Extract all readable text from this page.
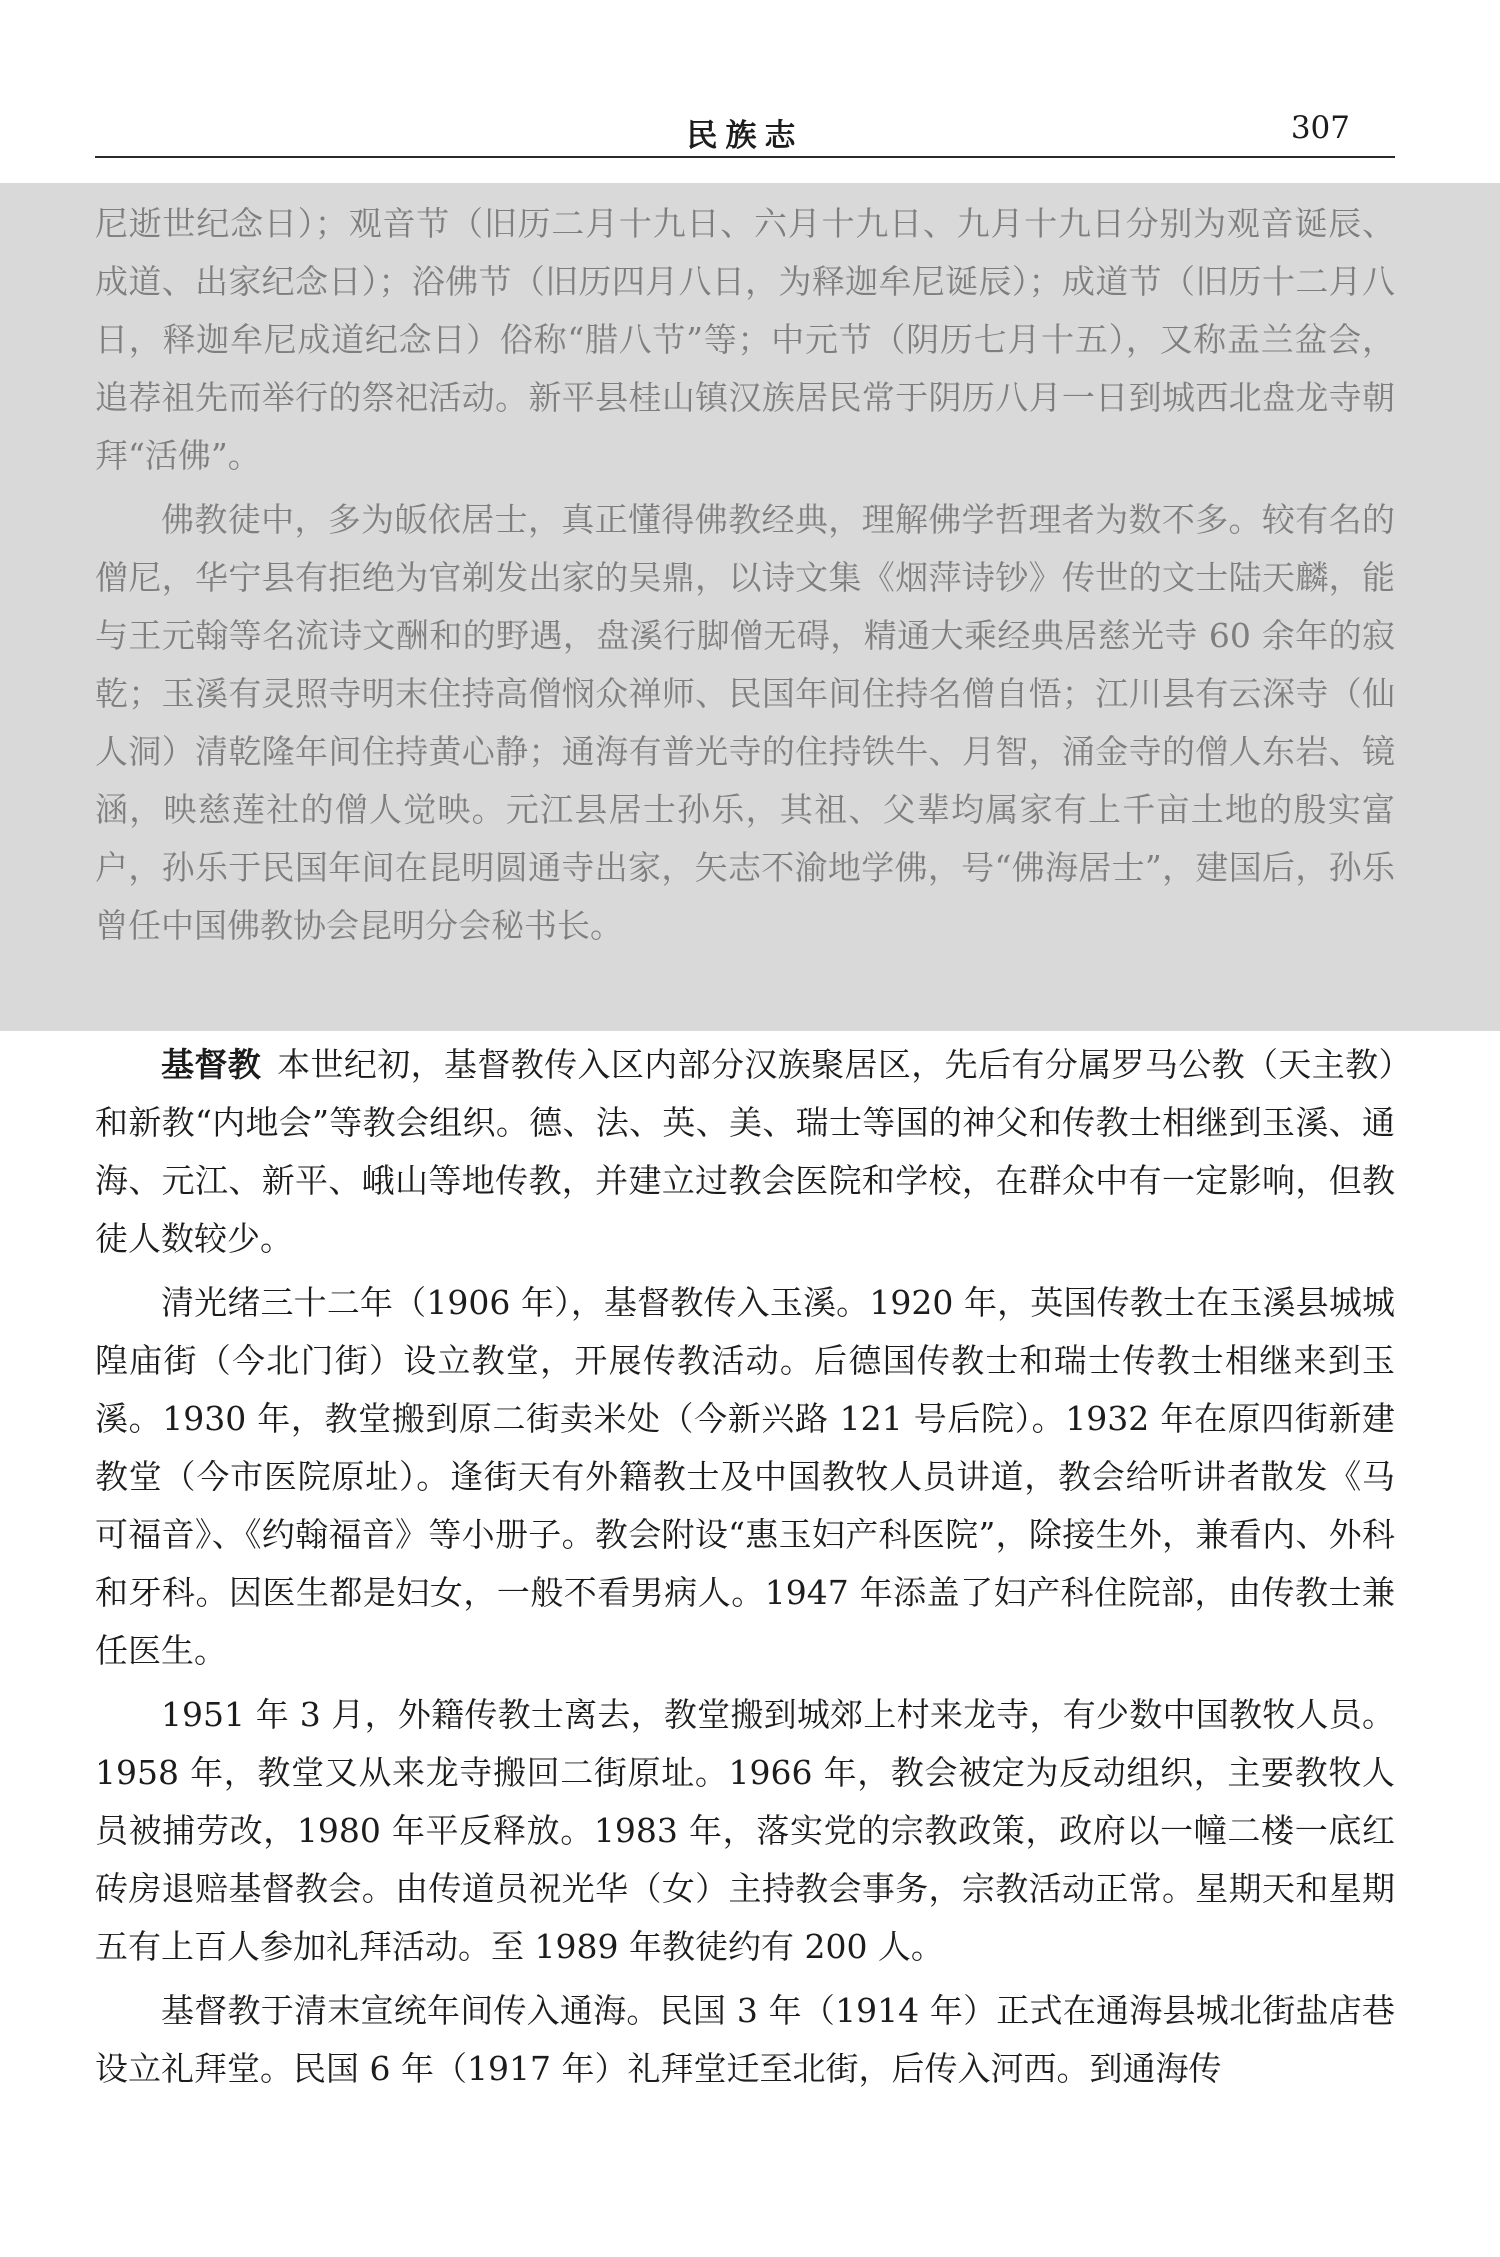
民族志	307

尼逝世纪念日）；观音节（旧历二月十九日、六月十九日、九月十九日分别为观音诞辰、成道、出家纪念日）；浴佛节（旧历四月八日，为释迦牟尼诞辰）；成道节（旧历十二月八日，释迦牟尼成道纪念日）俗称“腊八节”等；中元节（阴历七月十五），又称盂兰盆会，追荐祖先而举行的祭祀活动。新平县桂山镇汉族居民常于阴历八月一日到城西北盘龙寺朝拜“活佛”。

佛教徒中，多为皈依居士，真正懂得佛教经典，理解佛学哲理者为数不多。较有名的僧尼，华宁县有拒绝为官剃发出家的吴鼎，以诗文集《烟萍诗钞》传世的文士陆天麟，能与王元翰等名流诗文酬和的野遇，盘溪行脚僧无碍，精通大乘经典居慈光寺 60 余年的寂乾；玉溪有灵照寺明末住持高僧悯众禅师、民国年间住持名僧自悟；江川县有云深寺（仙人洞）清乾隆年间住持黄心静；通海有普光寺的住持铁牛、月智，涌金寺的僧人东岩、镜涵，映慈莲社的僧人觉映。元江县居士孙乐，其祖、父辈均属家有上千亩土地的殷实富户，孙乐于民国年间在昆明圆通寺出家，矢志不渝地学佛，号“佛海居士”，建国后，孙乐曾任中国佛教协会昆明分会秘书长。

基督教 本世纪初，基督教传入区内部分汉族聚居区，先后有分属罗马公教（天主教）和新教“内地会”等教会组织。德、法、英、美、瑞士等国的神父和传教士相继到玉溪、通海、元江、新平、峨山等地传教，并建立过教会医院和学校，在群众中有一定影响，但教徒人数较少。

清光绪三十二年（1906 年），基督教传入玉溪。1920 年，英国传教士在玉溪县城城隍庙街（今北门街）设立教堂，开展传教活动。后德国传教士和瑞士传教士相继来到玉溪。1930 年，教堂搬到原二街卖米处（今新兴路 121 号后院）。1932 年在原四街新建教堂（今市医院原址）。逢街天有外籍教士及中国教牧人员讲道，教会给听讲者散发《马可福音》、《约翰福音》等小册子。教会附设“惠玉妇产科医院”，除接生外，兼看内、外科和牙科。因医生都是妇女，一般不看男病人。1947 年添盖了妇产科住院部，由传教士兼任医生。

1951 年 3 月，外籍传教士离去，教堂搬到城郊上村来龙寺，有少数中国教牧人员。1958 年，教堂又从来龙寺搬回二街原址。1966 年，教会被定为反动组织，主要教牧人员被捕劳改，1980 年平反释放。1983 年，落实党的宗教政策，政府以一幢二楼一底红砖房退赔基督教会。由传道员祝光华（女）主持教会事务，宗教活动正常。星期天和星期五有上百人参加礼拜活动。至 1989 年教徒约有 200 人。

基督教于清末宣统年间传入通海。民国 3 年（1914 年）正式在通海县城北街盐店巷设立礼拜堂。民国 6 年（1917 年）礼拜堂迁至北街，后传入河西。到通海传
